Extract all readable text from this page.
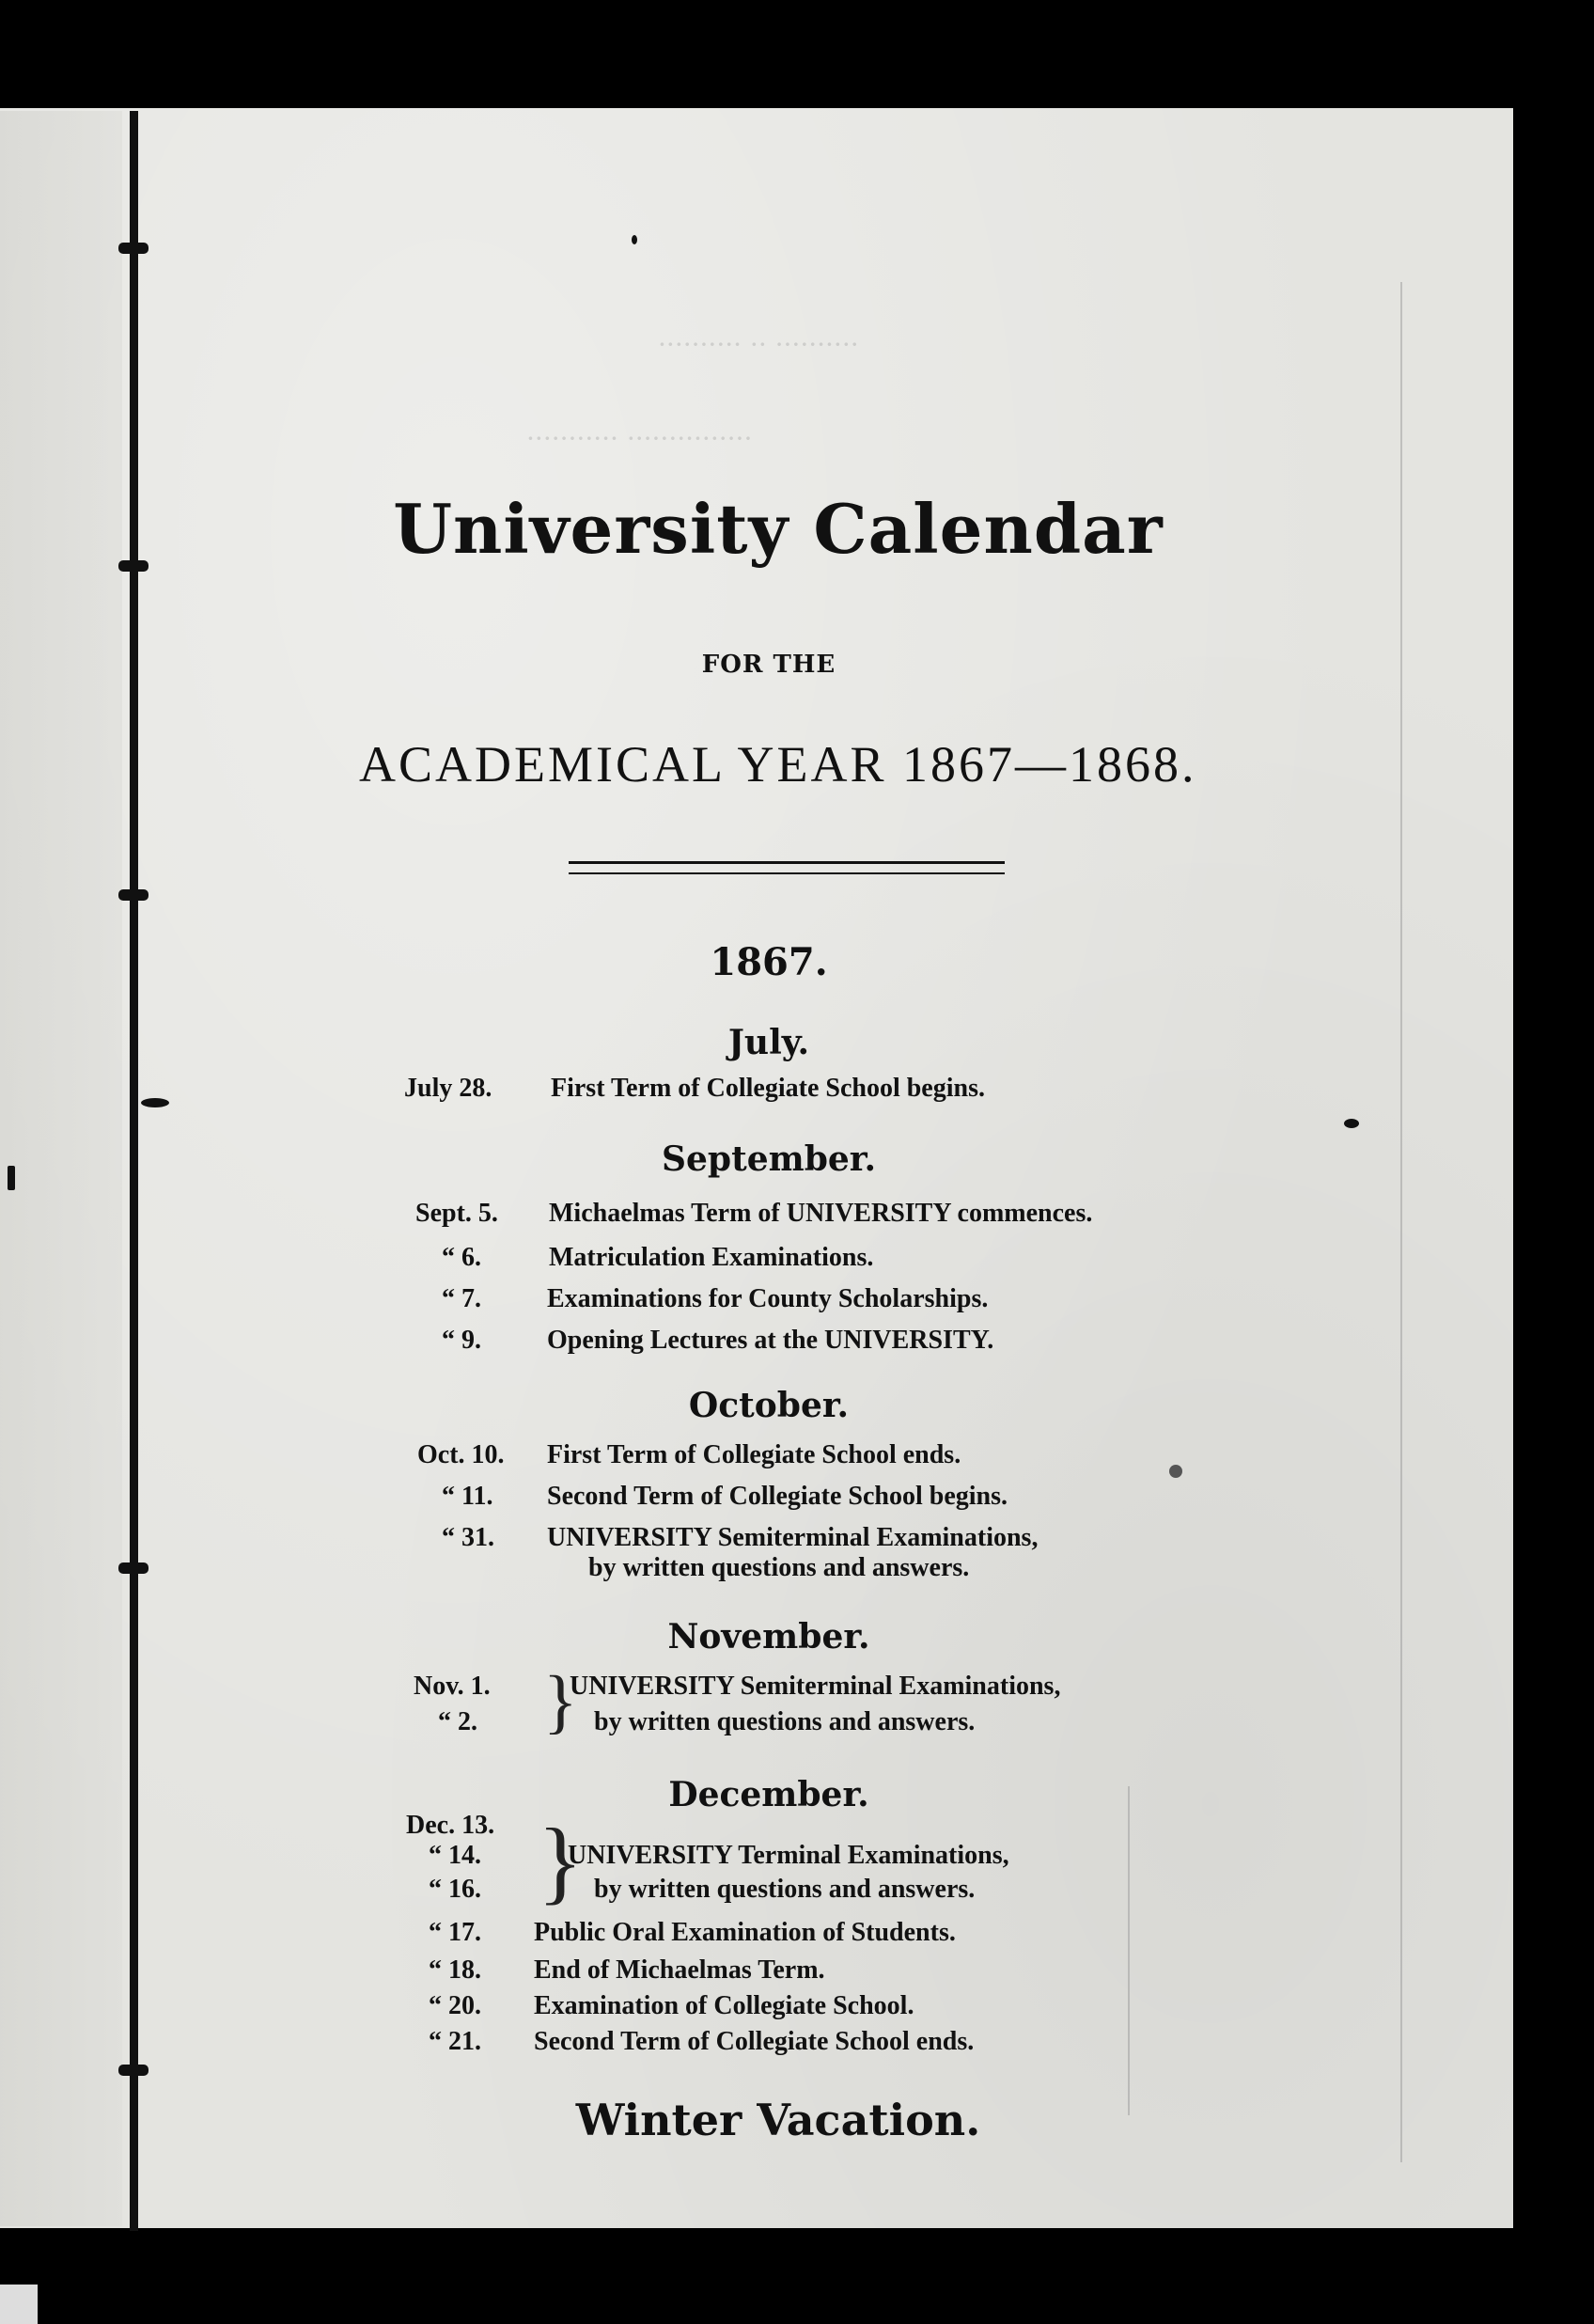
·········· ·· ··········
··············· ···········
University Calendar
FOR THE
ACADEMICAL YEAR 1867—1868.
1867.
July.
July 28. First Term of Collegiate School begins.
September.
Sept. 5. Michaelmas Term of UNIVERSITY commences.
“ 6.	Matriculation Examinations.
“ 7.	Examinations for County Scholarships.
“ 9.	Opening Lectures at the UNIVERSITY.
October.
Oct. 10. First Term of Collegiate School ends.
“ 11. Second Term of Collegiate School begins.
“ 31. UNIVERSITY Semiterminal Examinations,
by written questions and answers.
November.
Nov. 1.	UNIVERSITY Semiterminal Examinations,
“ 2.	by written questions and answers.
}
December.
Dec. 13.
“ 14.	UNIVERSITY Terminal Examinations,
“ 16.	by written questions and answers.
}
“ 17. Public Oral Examination of Students.
“ 18. End of Michaelmas Term.
“ 20. Examination of Collegiate School.
“ 21. Second Term of Collegiate School ends.
Winter Vacation.
